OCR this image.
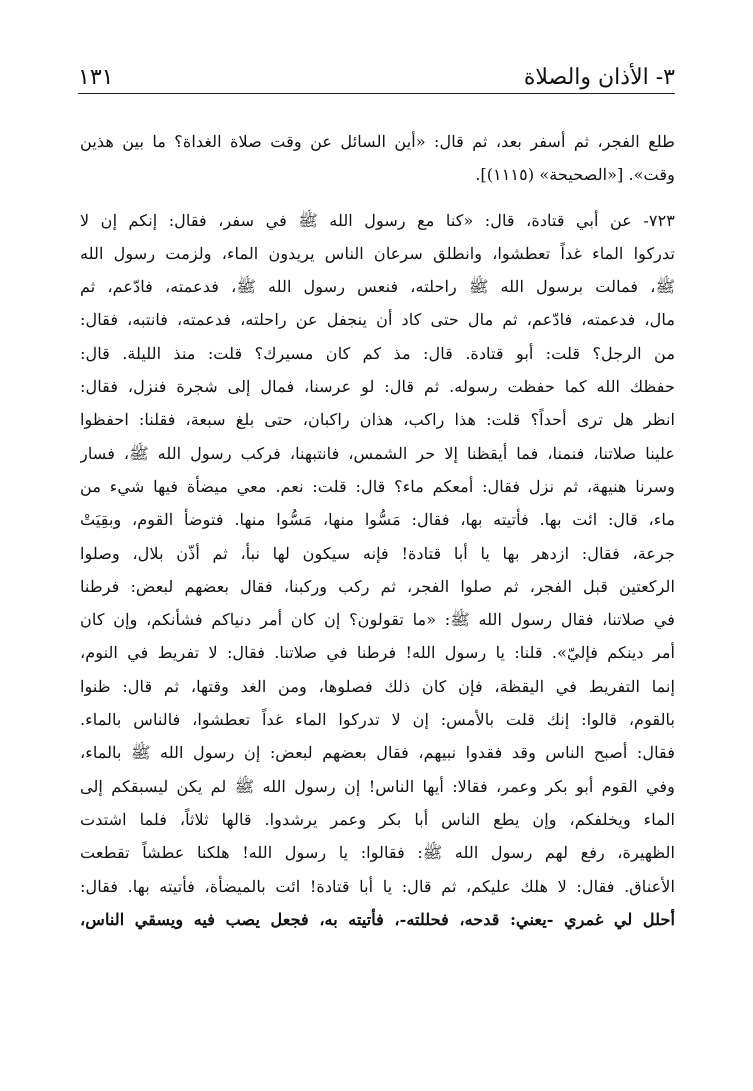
٣- الأذان والصلاة
١٣١
طلع الفجر، ثم أسفر بعد، ثم قال: «أين السائل عن وقت صلاة الغداة؟ ما بين هذين
وقت». [«الصحيحة» (١١١٥)].
٧٢٣- عن أبي قتادة، قال: «كنا مع رسول الله ﷺ في سفر، فقال: إنكم إن لا
تدركوا الماء غداً تعطشوا، وانطلق سرعان الناس يريدون الماء، ولزمت رسول الله
ﷺ، فمالت برسول الله ﷺ راحلته، فنعس رسول الله ﷺ، فدعمته، فادّعم، ثم
مال، فدعمته، فادّعم، ثم مال حتى كاد أن ينجفل عن راحلته، فدعمته، فانتبه، فقال:
من الرجل؟ قلت: أبو قتادة. قال: مذ كم كان مسيرك؟ قلت: منذ الليلة. قال:
حفظك الله كما حفظت رسوله. ثم قال: لو عرسنا، فمال إلى شجرة فنزل، فقال:
انظر هل ترى أحداً؟ قلت: هذا راكب، هذان راكبان، حتى بلغ سبعة، فقلنا: احفظوا
علينا صلاتنا، فنمنا، فما أيقظنا إلا حر الشمس، فانتبهنا، فركب رسول الله ﷺ، فسار
وسرنا هنيهة، ثم نزل فقال: أمعكم ماء؟ قال: قلت: نعم. معي ميضأة فيها شيء من
ماء، قال: ائت بها. فأتيته بها، فقال: مَسُّوا منها، مَسُّوا منها. فتوضأ القوم، وبقِيَتْ
جرعة، فقال: ازدهر بها يا أبا قتادة! فإنه سيكون لها نبأ، ثم أذّن بلال، وصلوا
الركعتين قبل الفجر، ثم صلوا الفجر، ثم ركب وركبنا، فقال بعضهم لبعض: فرطنا
في صلاتنا، فقال رسول الله ﷺ: «ما تقولون؟ إن كان أمر دنياكم فشأنكم، وإن كان
أمر دينكم فإليّ». قلنا: يا رسول الله! فرطنا في صلاتنا. فقال: لا تفريط في النوم،
إنما التفريط في اليقظة، فإن كان ذلك فصلوها، ومن الغد وقتها، ثم قال: ظنوا
بالقوم، قالوا: إنك قلت بالأمس: إن لا تدركوا الماء غداً تعطشوا، فالناس بالماء.
فقال: أصبح الناس وقد فقدوا نبيهم، فقال بعضهم لبعض: إن رسول الله ﷺ بالماء،
وفي القوم أبو بكر وعمر، فقالا: أيها الناس! إن رسول الله ﷺ لم يكن ليسبقكم إلى
الماء ويخلفكم، وإن يطع الناس أبا بكر وعمر يرشدوا. قالها ثلاثاً، فلما اشتدت
الظهيرة، رفع لهم رسول الله ﷺ: فقالوا: يا رسول الله! هلكنا عطشاً تقطعت
الأعناق. فقال: لا هلك عليكم، ثم قال: يا أبا قتادة! ائت بالميضأة، فأتيته بها. فقال:
أحلل لي غمري -يعني: قدحه، فحللته-، فأتيته به، فجعل يصب فيه ويسقي الناس،
